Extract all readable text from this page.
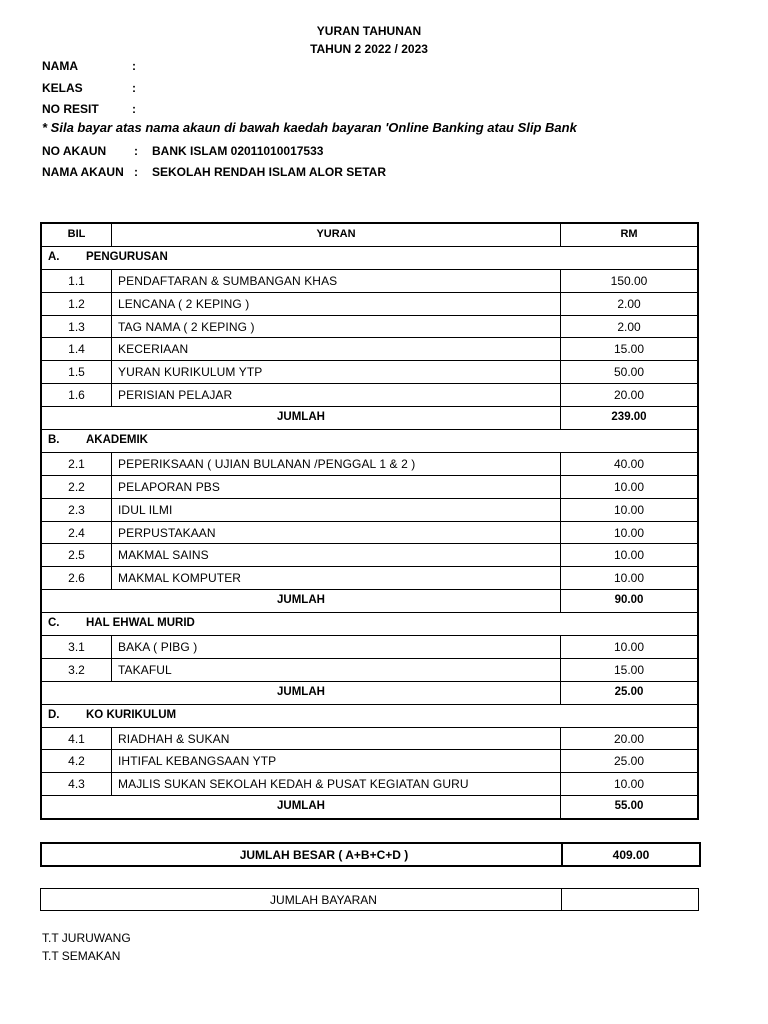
YURAN TAHUNAN
TAHUN 2 2022 / 2023
NAMA	:
KELAS	:
NO RESIT	:
* Sila bayar atas nama akaun di bawah kaedah bayaran 'Online Banking atau Slip Bank
NO AKAUN : BANK ISLAM 02011010017533
NAMA AKAUN : SEKOLAH RENDAH ISLAM ALOR SETAR
BIL	YURAN	RM
A. PENGURUSAN		
1.1	PENDAFTARAN & SUMBANGAN KHAS	150.00
1.2	LENCANA ( 2 KEPING )	2.00
1.3	TAG NAMA ( 2 KEPING )	2.00
1.4	KECERIAAN	15.00
1.5	YURAN KURIKULUM YTP	50.00
1.6	PERISIAN PELAJAR	20.00
JUMLAH		239.00
B. AKADEMIK		
2.1	PEPERIKSAAN ( UJIAN BULANAN /PENGGAL 1 & 2 )	40.00
2.2	PELAPORAN PBS	10.00
2.3	IDUL ILMI	10.00
2.4	PERPUSTAKAAN	10.00
2.5	MAKMAL SAINS	10.00
2.6	MAKMAL KOMPUTER	10.00
JUMLAH		90.00
C. HAL EHWAL MURID		
3.1	BAKA ( PIBG )	10.00
3.2	TAKAFUL	15.00
JUMLAH		25.00
D. KO KURIKULUM		
4.1	RIADHAH & SUKAN	20.00
4.2	IHTIFAL KEBANGSAAN YTP	25.00
4.3	MAJLIS SUKAN SEKOLAH KEDAH & PUSAT KEGIATAN GURU	10.00
JUMLAH		55.00
JUMLAH BESAR ( A+B+C+D )	409.00
JUMLAH BAYARAN
T.T JURUWANG
T.T SEMAKAN
